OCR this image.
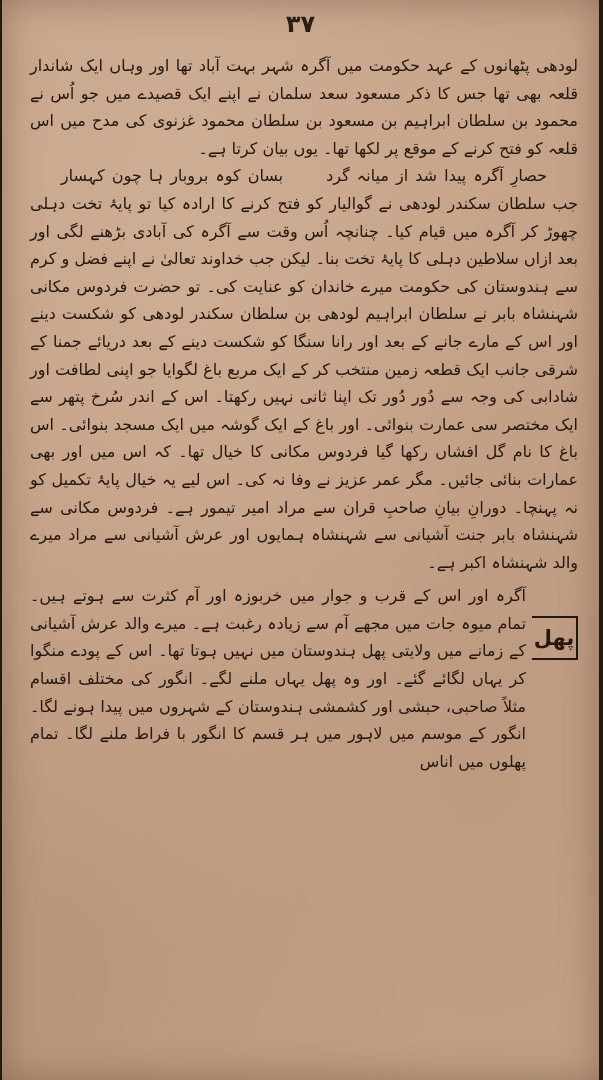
۳۷

لودھی پٹھانوں کے عہد حکومت میں آگرہ شہر بہت آباد تھا اور وہاں ایک شاندار قلعہ بھی تھا جس کا ذکر مسعود سعد سلمان نے اپنے ایک قصیدے میں جو اُس نے محمود بن سلطان ابراہیم بن مسعود بن سلطان محمود غزنوی کی مدح میں اس قلعہ کو فتح کرنے کے موقع پر لکھا تھا۔ یوں بیان کرتا ہے۔

حصارِ آگرہ پیدا شد از میانہ گرد بسان کوہ بروبار ہا چون کہسار

جب سلطان سکندر لودھی نے گوالیار کو فتح کرنے کا ارادہ کیا تو پایۂ تخت دہلی چھوڑ کر آگرہ میں قیام کیا۔ چنانچہ اُس وقت سے آگرہ کی آبادی بڑھنے لگی اور بعد ازاں سلاطین دہلی کا پایۂ تخت بنا۔ لیکن جب خداوند تعالیٰ نے اپنے فضل و کرم سے ہندوستان کی حکومت میرے خاندان کو عنایت کی۔ تو حضرت فردوس مکانی شہنشاہ بابر نے سلطان ابراہیم لودھی بن سلطان سکندر لودھی کو شکست دینے اور اس کے مارے جانے کے بعد اور رانا سنگا کو شکست دینے کے بعد دریائے جمنا کے شرقی جانب ایک قطعہ زمین منتخب کر کے ایک مربع باغ لگوایا جو اپنی لطافت اور شادابی کی وجہ سے دُور دُور تک اپنا ثانی نہیں رکھتا۔ اس کے اندر سُرخ پتھر سے ایک مختصر سی عمارت بنوائی۔ اور باغ کے ایک گوشہ میں ایک مسجد بنوائی۔ اس باغ کا نام گل افشاں رکھا گیا فردوس مکانی کا خیال تھا۔ کہ اس میں اور بھی عمارات بنائی جائیں۔ مگر عمر عزیز نے وفا نہ کی۔ اس لیے یہ خیال پایۂ تکمیل کو نہ پہنچا۔ دورانِ بیانِ صاحبِ قران سے مراد امیر تیمور ہے۔ فردوس مکانی سے شہنشاہ بابر جنت آشیانی سے شہنشاہ ہمایوں اور عرش آشیانی سے مراد میرے والد شہنشاہ اکبر ہے۔

پھل

آگرہ اور اس کے قرب و جوار میں خربوزہ اور آم کثرت سے ہوتے ہیں۔ تمام میوہ جات میں مجھے آم سے زیادہ رغبت ہے۔ میرے والد عرش آشیانی کے زمانے میں ولایتی پھل ہندوستان میں نہیں ہوتا تھا۔ اس کے پودے منگوا کر یہاں لگائے گئے۔ اور وہ پھل یہاں ملنے لگے۔ انگور کی مختلف اقسام مثلاً صاحبی، حبشی اور کشمشی ہندوستان کے شہروں میں پیدا ہونے لگا۔ انگور کے موسم میں لاہور میں ہر قسم کا انگور با فراط ملنے لگا۔ تمام پھلوں میں اناس
